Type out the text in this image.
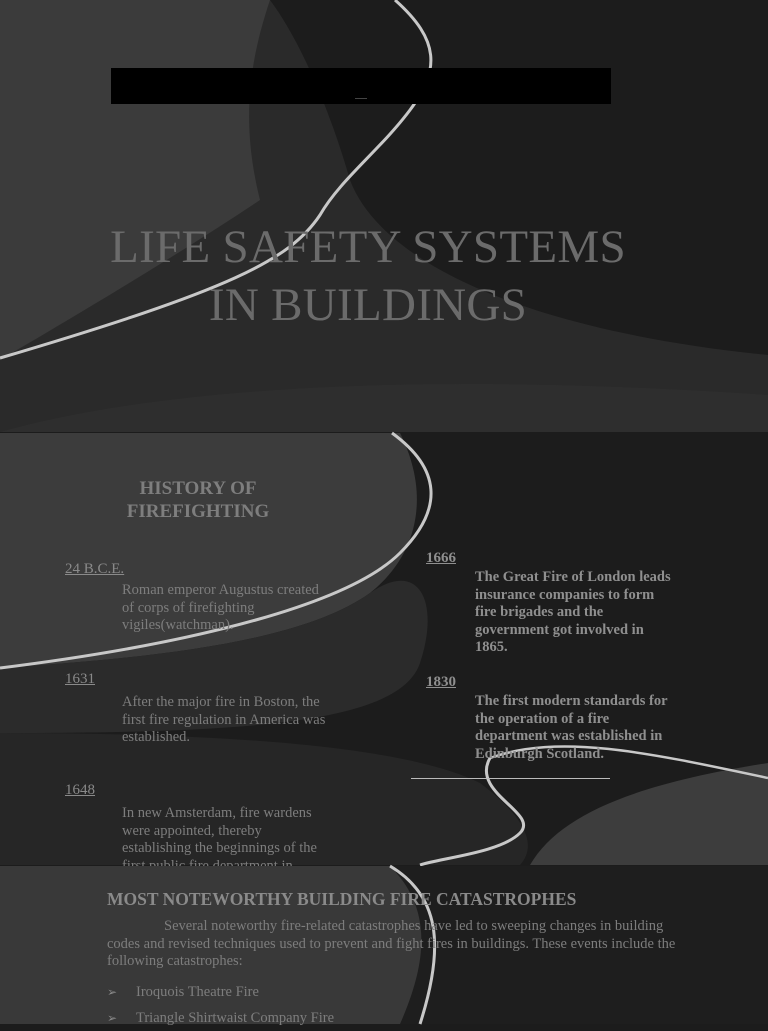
LIFE SAFETY SYSTEMS
IN BUILDINGS
HISTORY OF
FIREFIGHTING
24 B.C.E.
Roman emperor Augustus created of corps of firefighting vigiles(watchman).
1631
After the major fire in Boston, the first fire regulation in America was established.
1648
In new Amsterdam, fire wardens were appointed, thereby establishing the beginnings of the
1666
The Great Fire of London leads insurance companies to form fire brigades and the government got involved in 1865.
1830
The first modern standards for the operation of a fire department was established in Edinburgh Scotland.
MOST NOTEWORTHY BUILDING FIRE CATASTROPHES
Several noteworthy fire-related catastrophes have led to sweeping changes in building codes and revised techniques used to prevent and fight fires in buildings. These events include the following catastrophes:
➢	Iroquois Theatre Fire
➢	Triangle Shirtwaist Company Fire
